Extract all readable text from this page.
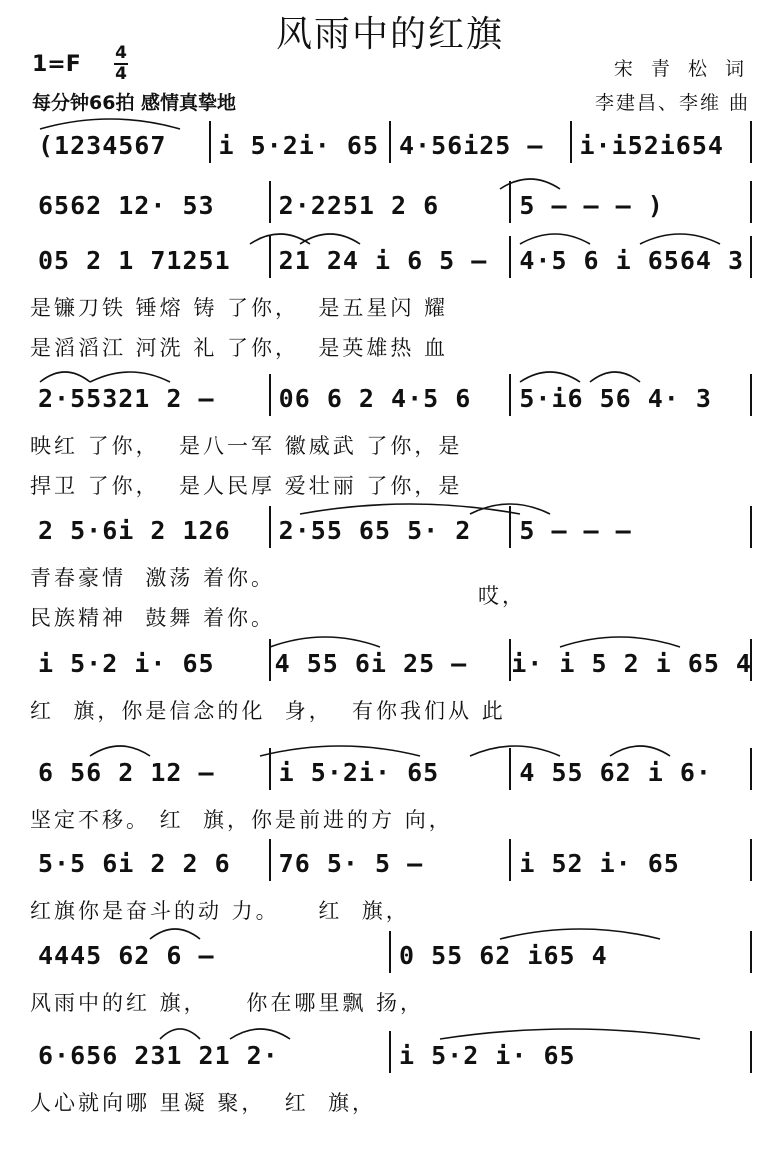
风雨中的红旗
$1=F \frac{4}{4}$
每分钟66拍 感情真挚地
宋 青 松 词
李建昌、李维 曲
(1234567	i 5·2i· 65 4·56i25 –	i·i52i654
6562 12· 53	2·2251 2 6	5 – – – )
05 2 1 71251	21 24 i 6 5 –	4·5 6 i 6564 3
是镰刀铁 锤熔 铸 了你，  是五星闪 耀
是滔滔江 河洗 礼 了你，  是英雄热 血
2·55321 2 –	06 6 2 4·5 6	5·i6 56 4· 3
映红 了你，  是八一军 徽威武 了你，是
捍卫 了你，  是人民厚 爱壮丽 了你，是
2 5·6i 2 126	2·55 65 5· 2	5 – – –
青春豪情  激荡 着你。
民族精神  鼓舞 着你。
哎，
i 5·2 i· 65	4 55 6i 25 –	i· i 5 2 i 65 4
红  旗，你是信念的化  身，  有你我们从 此
6 56 2 12 –	i 5·2i· 65	4 55 62 i 6·
坚定不移。 红  旗，你是前进的方 向，
5·5 6i 2 2 6	76 5· 5 –	i 52 i· 65
红旗你是奋斗的动 力。    红  旗，
4445 62 6 –	0 55 62 i65 4
风雨中的红 旗，    你在哪里飘 扬，
6·656 231 21 2·	i 5·2 i· 65
人心就向哪 里凝 聚，  红  旗，
